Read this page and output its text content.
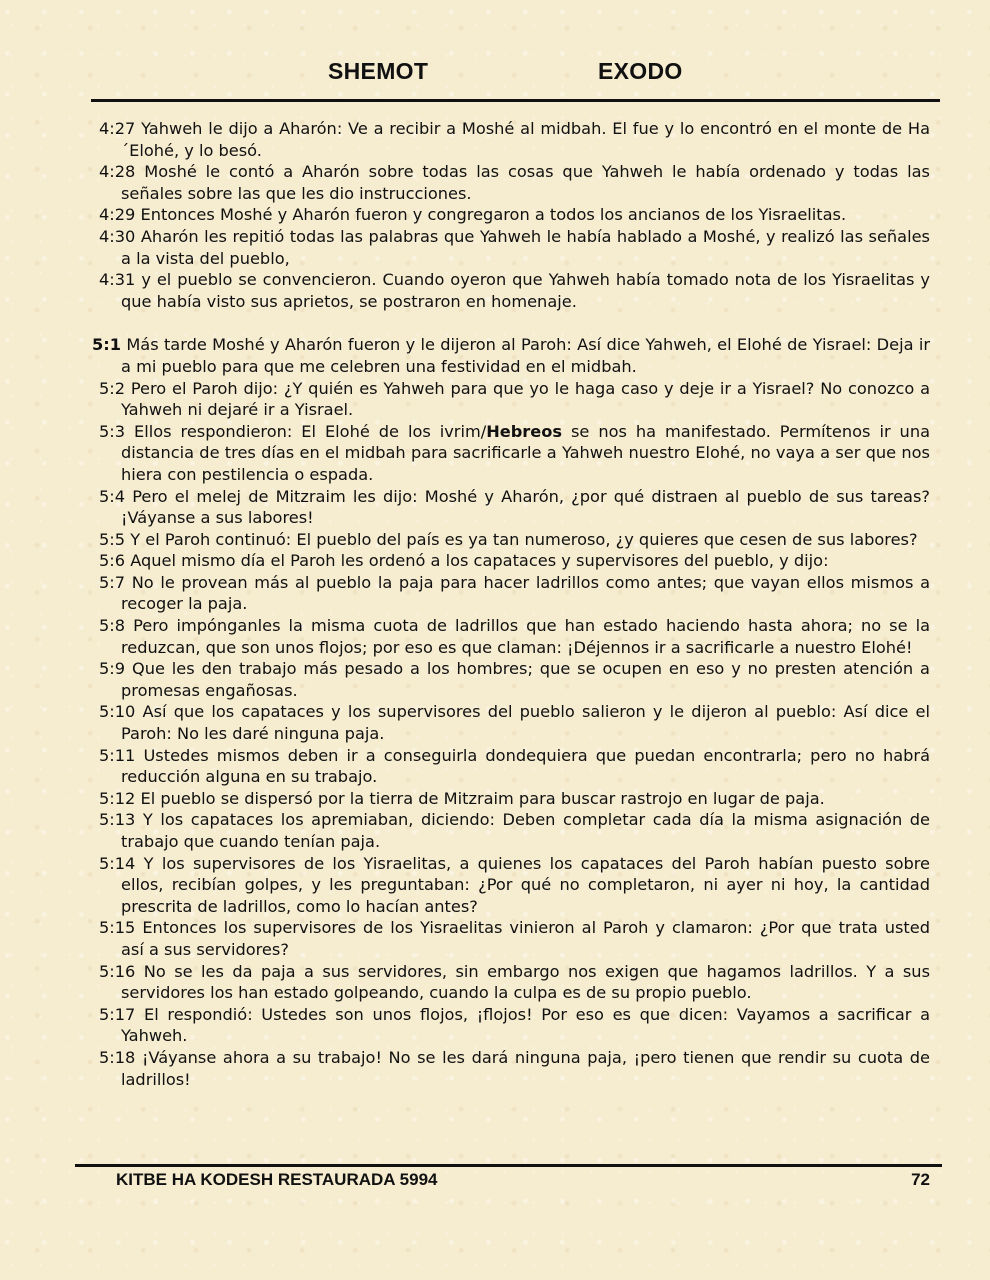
SHEMOT	EXODO
4:27 Yahweh le dijo a Aharón: Ve a recibir a Moshé al midbah. El fue y lo encontró en el monte de Ha´Elohé, y lo besó.
4:28 Moshé le contó a Aharón sobre todas las cosas que Yahweh le había ordenado y todas las señales sobre las que les dio instrucciones.
4:29 Entonces Moshé y Aharón fueron y congregaron a todos los ancianos de los Yisraelitas.
4:30 Aharón les repitió todas las palabras que Yahweh le había hablado a Moshé, y realizó las señales a la vista del pueblo,
4:31 y el pueblo se convencieron. Cuando oyeron que Yahweh había tomado nota de los Yisraelitas y que había visto sus aprietos, se postraron en homenaje.
5:1 Más tarde Moshé y Aharón fueron y le dijeron al Paroh: Así dice Yahweh, el Elohé de Yisrael: Deja ir a mi pueblo para que me celebren una festividad en el midbah.
5:2 Pero el Paroh dijo: ¿Y quién es Yahweh para que yo le haga caso y deje ir a Yisrael? No conozco a Yahweh ni dejaré ir a Yisrael.
5:3 Ellos respondieron: El Elohé de los ivrim/Hebreos se nos ha manifestado. Permítenos ir una distancia de tres días en el midbah para sacrificarle a Yahweh nuestro Elohé, no vaya a ser que nos hiera con pestilencia o espada.
5:4 Pero el melej de Mitzraim les dijo: Moshé y Aharón, ¿por qué distraen al pueblo de sus tareas? ¡Váyanse a sus labores!
5:5 Y el Paroh continuó: El pueblo del país es ya tan numeroso, ¿y quieres que cesen de sus labores?
5:6 Aquel mismo día el Paroh les ordenó a los capataces y supervisores del pueblo, y dijo:
5:7 No le provean más al pueblo la paja para hacer ladrillos como antes; que vayan ellos mismos a recoger la paja.
5:8 Pero impónganles la misma cuota de ladrillos que han estado haciendo hasta ahora; no se la reduzcan, que son unos flojos; por eso es que claman: ¡Déjennos ir a sacrificarle a nuestro Elohé!
5:9 Que les den trabajo más pesado a los hombres; que se ocupen en eso y no presten atención a promesas engañosas.
5:10 Así que los capataces y los supervisores del pueblo salieron y le dijeron al pueblo: Así dice el Paroh: No les daré ninguna paja.
5:11 Ustedes mismos deben ir a conseguirla dondequiera que puedan encontrarla; pero no habrá reducción alguna en su trabajo.
5:12 El pueblo se dispersó por la tierra de Mitzraim para buscar rastrojo en lugar de paja.
5:13 Y los capataces los apremiaban, diciendo: Deben completar cada día la misma asignación de trabajo que cuando tenían paja.
5:14 Y los supervisores de los Yisraelitas, a quienes los capataces del Paroh habían puesto sobre ellos, recibían golpes, y les preguntaban: ¿Por qué no completaron, ni ayer ni hoy, la cantidad prescrita de ladrillos, como lo hacían antes?
5:15 Entonces los supervisores de los Yisraelitas vinieron al Paroh y clamaron: ¿Por que trata usted así a sus servidores?
5:16 No se les da paja a sus servidores, sin embargo nos exigen que hagamos ladrillos. Y a sus servidores los han estado golpeando, cuando la culpa es de su propio pueblo.
5:17 El respondió: Ustedes son unos flojos, ¡flojos! Por eso es que dicen: Vayamos a sacrificar a Yahweh.
5:18 ¡Váyanse ahora a su trabajo! No se les dará ninguna paja, ¡pero tienen que rendir su cuota de ladrillos!
KITBE HA KODESH RESTAURADA 5994	72
